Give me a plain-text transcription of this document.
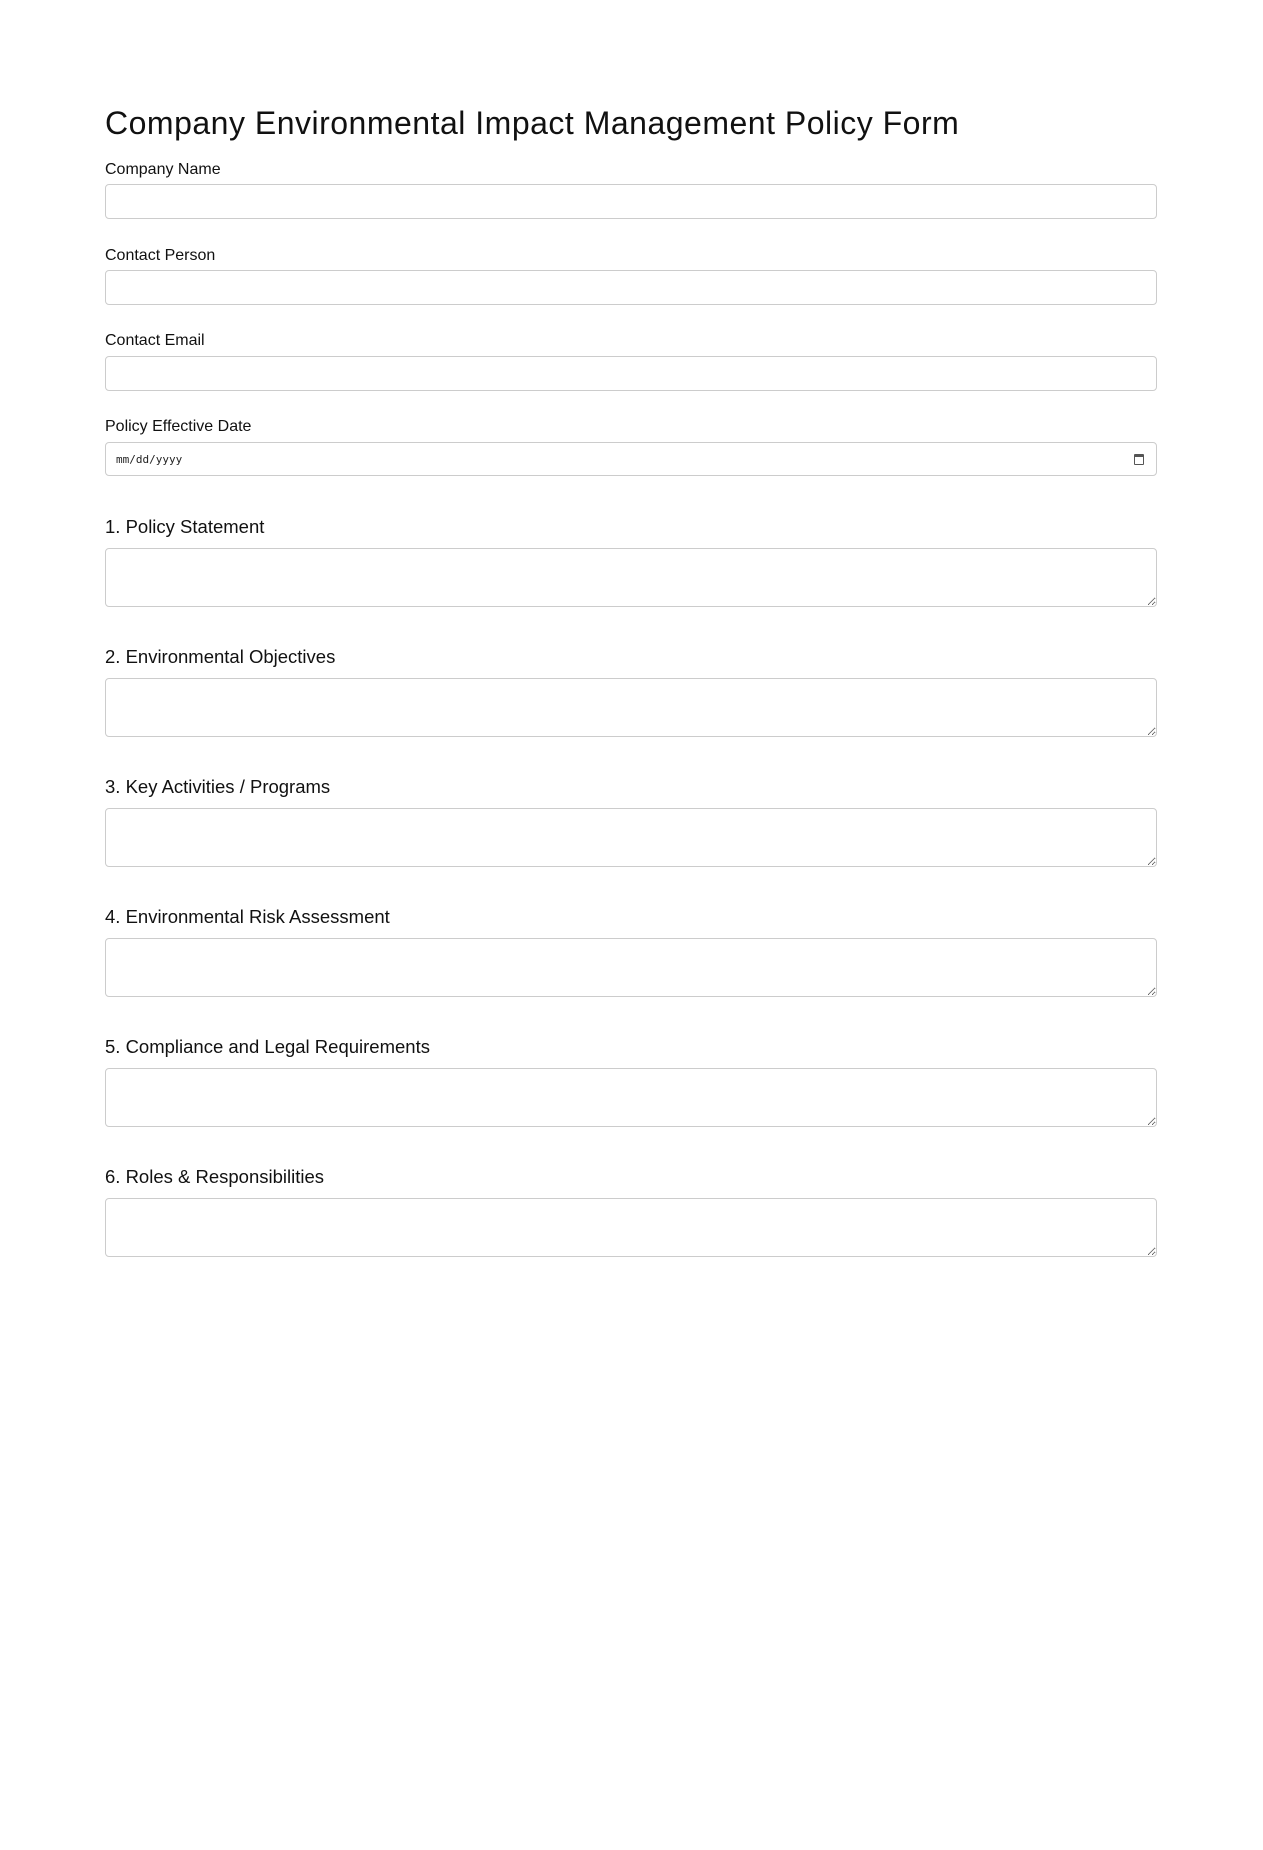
Company Environmental Impact Management Policy Form
Company Name
Contact Person
Contact Email
Policy Effective Date
mm/dd/yyyy
1. Policy Statement
2. Environmental Objectives
3. Key Activities / Programs
4. Environmental Risk Assessment
5. Compliance and Legal Requirements
6. Roles & Responsibilities
